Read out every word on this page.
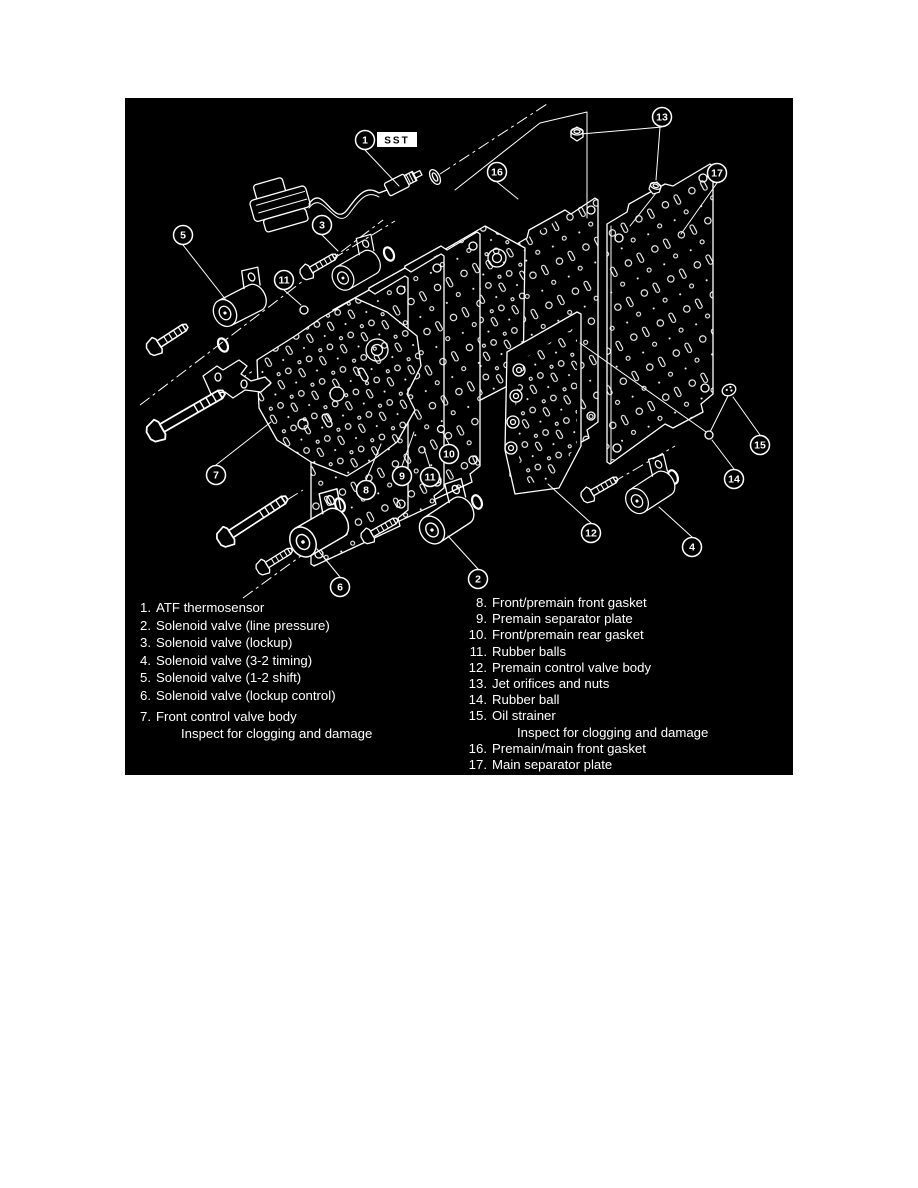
1
2
3
4
5
6
7
8
9
10
11
11
12
13
14
15
16	17
SST
1. ATF thermosensor
2. Solenoid valve (line pressure)
3. Solenoid valve (lockup)
4. Solenoid valve (3-2 timing)
5. Solenoid valve (1-2 shift)
6. Solenoid valve (lockup control)
7. Front control valve body
Inspect for clogging and damage
8. Front/premain front gasket
9. Premain separator plate
10. Front/premain rear gasket
11. Rubber balls
12. Premain control valve body
13. Jet orifices and nuts
14. Rubber ball
15. Oil strainer
Inspect for clogging and damage
16. Premain/main front gasket
17. Main separator plate
